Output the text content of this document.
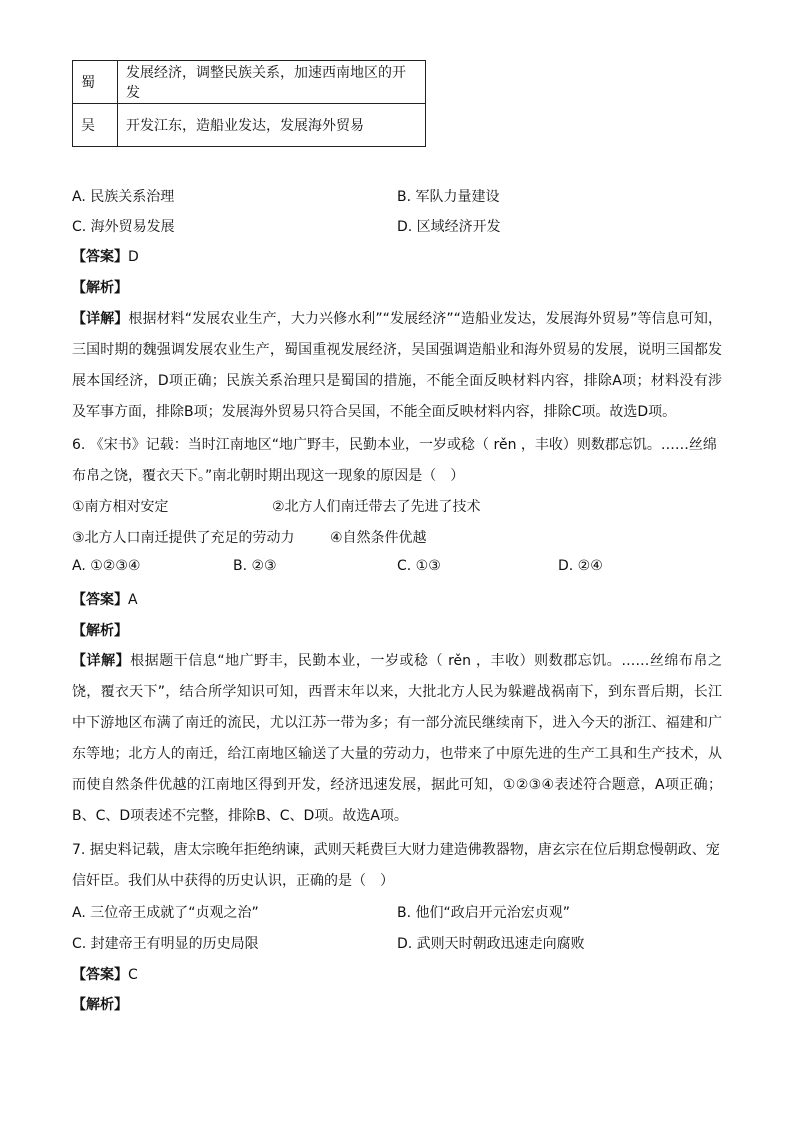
蜀	发展经济，调整民族关系，加速西南地区的开发
吴	开发江东，造船业发达，发展海外贸易
A. 民族关系治理	B. 军队力量建设
C. 海外贸易发展	D. 区域经济开发
【答案】D
【解析】
【详解】根据材料“发展农业生产，大力兴修水利”“发展经济”“造船业发达，发展海外贸易”等信息可知，三国时期的魏强调发展农业生产，蜀国重视发展经济，吴国强调造船业和海外贸易的发展，说明三国都发展本国经济，D项正确；民族关系治理只是蜀国的措施，不能全面反映材料内容，排除A项；材料没有涉及军事方面，排除B项；发展海外贸易只符合吴国，不能全面反映材料内容，排除C项。故选D项。
6. 《宋书》记载：当时江南地区“地广野丰，民勤本业，一岁或稔（ rěn ，丰收）则数郡忘饥。……丝绵
布帛之饶，覆衣天下。”南北朝时期出现这一现象的原因是（　）
①南方相对安定	②北方人们南迁带去了先进了技术
③北方人口南迁提供了充足的劳动力	④自然条件优越
A. ①②③④	B. ②③	C. ①③	D. ②④
【答案】A
【解析】
【详解】根据题干信息“地广野丰，民勤本业，一岁或稔（ rěn ，丰收）则数郡忘饥。……丝绵布帛之饶，覆衣天下”，结合所学知识可知，西晋末年以来，大批北方人民为躲避战祸南下，到东晋后期，长江中下游地区布满了南迁的流民，尤以江苏一带为多；有一部分流民继续南下，进入今天的浙江、福建和广东等地；北方人的南迁，给江南地区输送了大量的劳动力，也带来了中原先进的生产工具和生产技术，从而使自然条件优越的江南地区得到开发，经济迅速发展，据此可知，①②③④表述符合题意，A项正确；B、C、D项表述不完整，排除B、C、D项。故选A项。
7. 据史料记载，唐太宗晚年拒绝纳谏，武则天耗费巨大财力建造佛教器物，唐玄宗在位后期怠慢朝政、宠
信奸臣。我们从中获得的历史认识，正确的是（　）
A. 三位帝王成就了“贞观之治”	B. 他们“政启开元治宏贞观”
C. 封建帝王有明显的历史局限	D. 武则天时朝政迅速走向腐败
【答案】C
【解析】
